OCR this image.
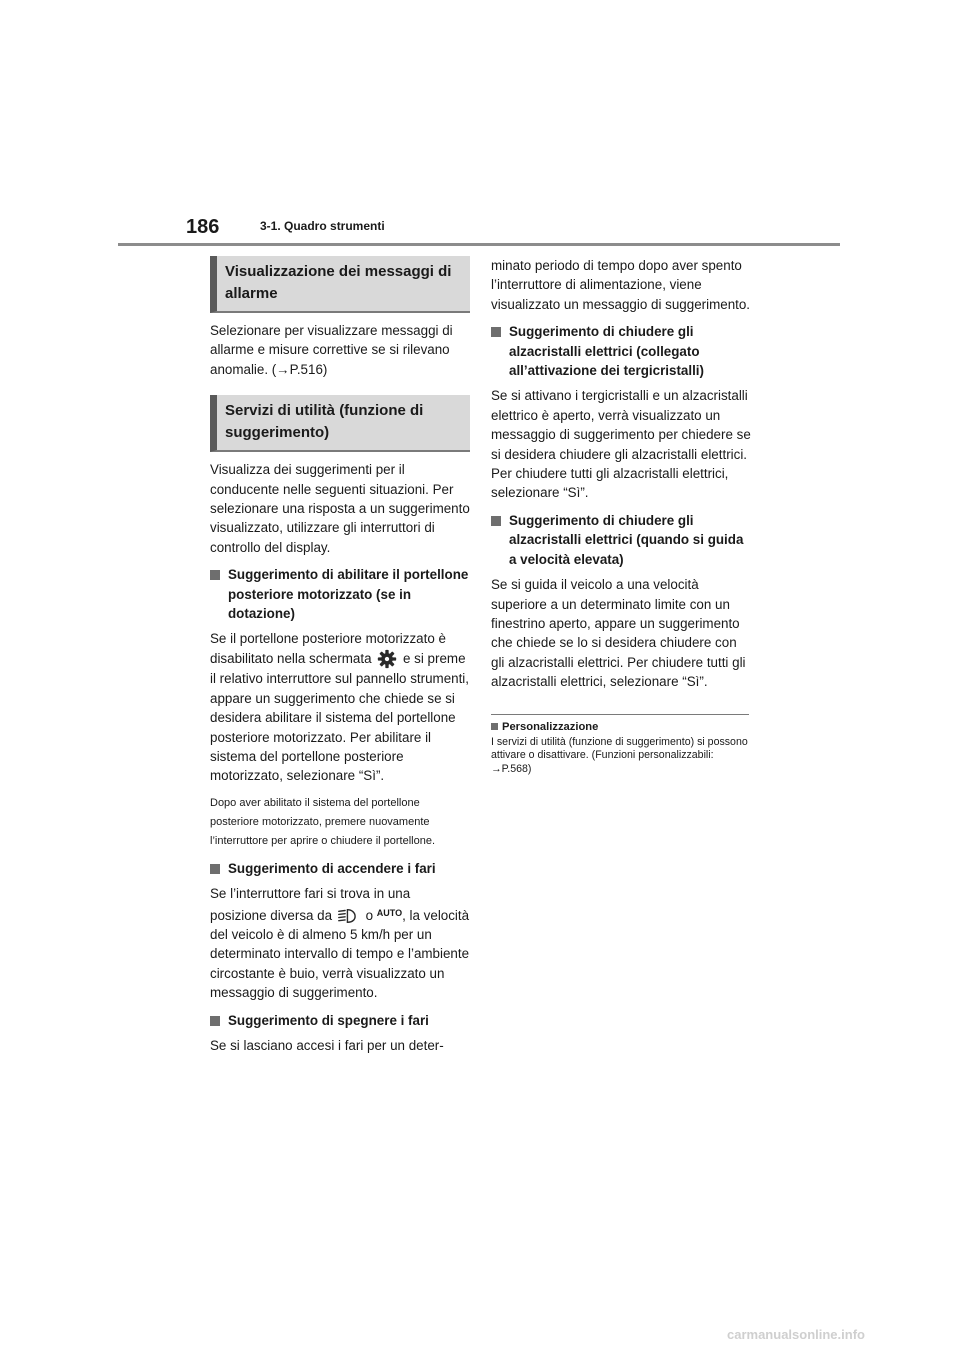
186	3-1. Quadro strumenti
Visualizzazione dei messaggi di allarme

Selezionare per visualizzare messaggi di allarme e misure correttive se si rilevano anomalie. (→P.516)

Servizi di utilità (funzione di suggerimento)

Visualizza dei suggerimenti per il conducente nelle seguenti situazioni. Per selezionare una risposta a un suggerimento visualizzato, utilizzare gli interruttori di controllo del display.

Suggerimento di abilitare il portellone posteriore motorizzato (se in dotazione)

Se il portellone posteriore motorizzato è disabilitato nella schermata e si preme il relativo interruttore sul pannello strumenti, appare un suggerimento che chiede se si desidera abilitare il sistema del portellone posteriore motorizzato. Per abilitare il sistema del portellone posteriore motorizzato, selezionare “Sì”.

Dopo aver abilitato il sistema del portellone posteriore motorizzato, premere nuovamente l’interruttore per aprire o chiudere il portellone.

Suggerimento di accendere i fari

Se l’interruttore fari si trova in una posizione diversa da o $^{AUTO}$, la velocità del veicolo è di almeno 5 km/h per un determinato intervallo di tempo e l’ambiente circostante è buio, verrà visualizzato un messaggio di suggerimento.

Suggerimento di spegnere i fari

Se si lasciano accesi i fari per un deter-

minato periodo di tempo dopo aver spento l’interruttore di alimentazione, viene visualizzato un messaggio di suggerimento.

Suggerimento di chiudere gli alzacristalli elettrici (collegato all’attivazione dei tergicristalli)

Se si attivano i tergicristalli e un alzacristalli elettrico è aperto, verrà visualizzato un messaggio di suggerimento per chiedere se si desidera chiudere gli alzacristalli elettrici. Per chiudere tutti gli alzacristalli elettrici, selezionare “Sì”.

Suggerimento di chiudere gli alzacristalli elettrici (quando si guida a velocità elevata)

Se si guida il veicolo a una velocità superiore a un determinato limite con un finestrino aperto, appare un suggerimento che chiede se lo si desidera chiudere con gli alzacristalli elettrici. Per chiudere tutti gli alzacristalli elettrici, selezionare “Sì”.

Personalizzazione

I servizi di utilità (funzione di suggerimento) si possono attivare o disattivare. (Funzioni personalizzabili: →P.568)

carmanualsonline.info
